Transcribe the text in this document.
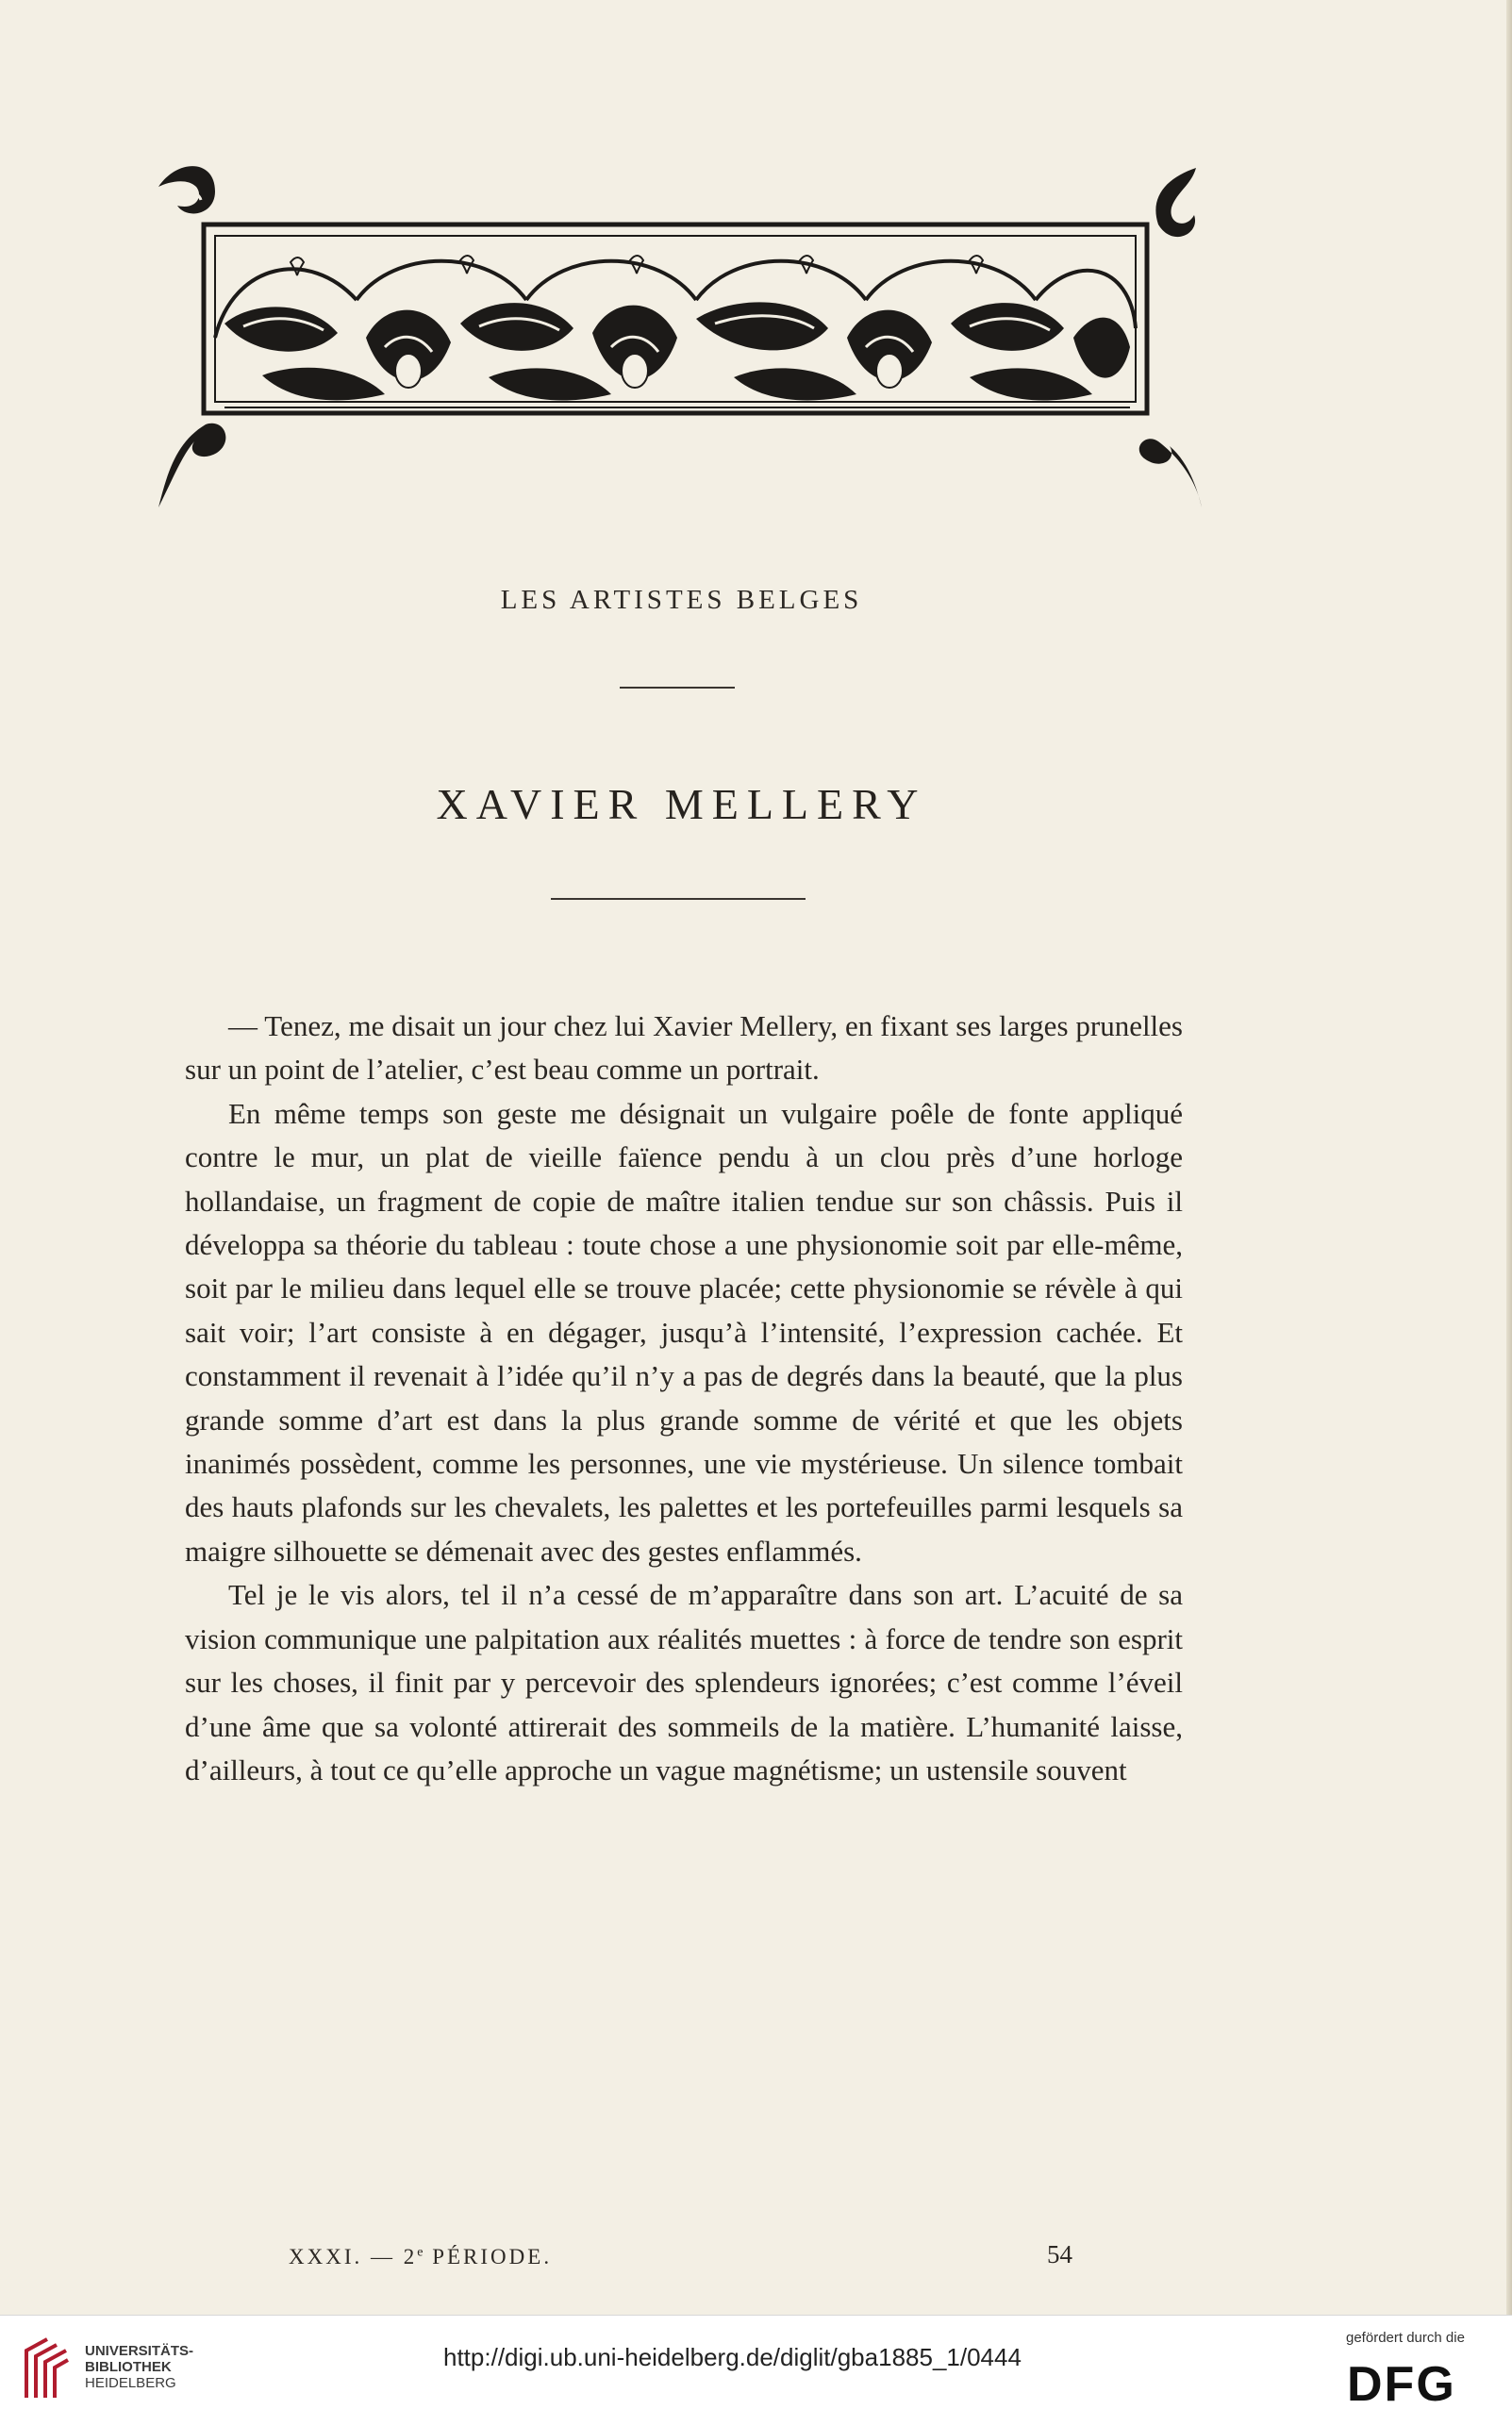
LES ARTISTES BELGES
XAVIER MELLERY

— Tenez, me disait un jour chez lui Xavier Mellery, en fixant ses larges prunelles sur un point de l’atelier, c’est beau comme un portrait.

En même temps son geste me désignait un vulgaire poêle de fonte appliqué contre le mur, un plat de vieille faïence pendu à un clou près d’une horloge hollandaise, un fragment de copie de maître italien tendue sur son châssis. Puis il développa sa théorie du tableau : toute chose a une physionomie soit par elle-même, soit par le milieu dans lequel elle se trouve placée; cette physionomie se révèle à qui sait voir; l’art consiste à en dégager, jusqu’à l’intensité, l’expression cachée. Et constamment il revenait à l’idée qu’il n’y a pas de degrés dans la beauté, que la plus grande somme d’art est dans la plus grande somme de vérité et que les objets inanimés possèdent, comme les personnes, une vie mystérieuse. Un silence tombait des hauts plafonds sur les chevalets, les palettes et les portefeuilles parmi lesquels sa maigre silhouette se démenait avec des gestes enflammés.

Tel je le vis alors, tel il n’a cessé de m’apparaître dans son art. L’acuité de sa vision communique une palpitation aux réalités muettes : à force de tendre son esprit sur les choses, il finit par y percevoir des splendeurs ignorées; c’est comme l’éveil d’une âme que sa volonté attirerait des sommeils de la matière. L’humanité laisse, d’ailleurs, à tout ce qu’elle approche un vague magnétisme; un ustensile souvent

XXXI. — 2e PÉRIODE.	54
UNIVERSITÄTS-
BIBLIOTHEK
HEIDELBERG
http://digi.ub.uni-heidelberg.de/diglit/gba1885_1/0444
gefördert durch die
DFG
